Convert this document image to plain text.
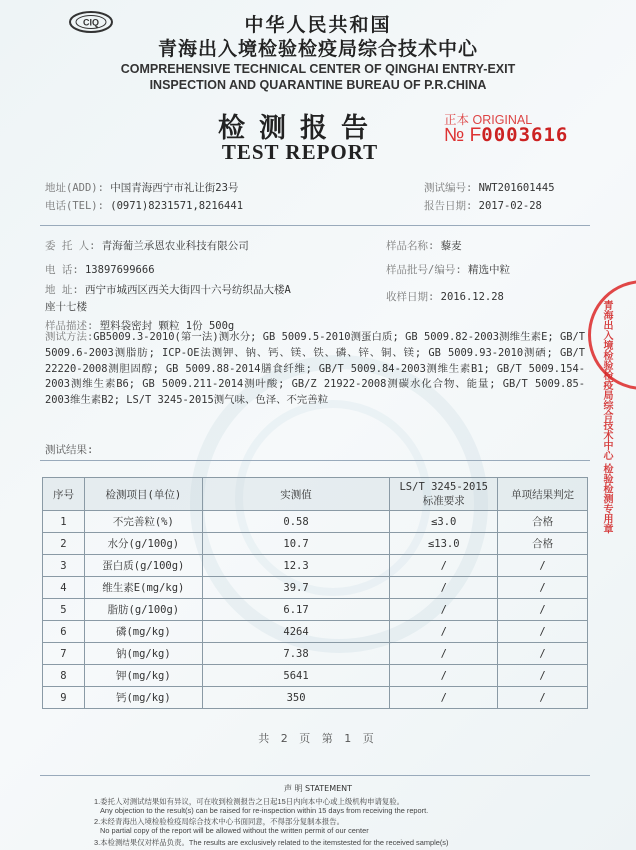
CIQ	中华人民共和国
青海出入境检验检疫局综合技术中心
COMPREHENSIVE TECHNICAL CENTER OF QINGHAI ENTRY-EXIT
INSPECTION AND QUARANTINE BUREAU OF P.R.CHINA
检测报告
TEST REPORT
正本 ORIGINAL
№ F0003616
地址(ADD): 中国青海西宁市礼让街23号
电话(TEL): (0971)8231571,8216441
测试编号: NWT201601445
报告日期: 2017-02-28
委 托 人: 青海葡兰承恩农业科技有限公司
电 话: 13897699666
地 址: 西宁市城西区西关大街四十六号纺织品大楼A
座十七楼
样品名称: 藜麦
样品批号/编号: 精选中粒
收样日期: 2016.12.28
样品描述: 塑料袋密封 颗粒 1份 500g
测试方法:GB5009.3-2010(第一法)测水分; GB 5009.5-2010测蛋白质; GB 5009.82-2003测维生素E; GB/T 5009.6-2003测脂肪; ICP-OE法测钾、钠、钙、镁、铁、磷、锌、铜、镁; GB 5009.93-2010测硒; GB/T 22220-2008测胆固醇; GB 5009.88-2014膳食纤维; GB/T 5009.84-2003测维生素B1; GB/T 5009.154-2003测维生素B6; GB 5009.211-2014测叶酸; GB/Z 21922-2008测碳水化合物、能量; GB/T 5009.85-2003维生素B2; LS/T 3245-2015测气味、色泽、不完善粒
测试结果:
序号	检测项目(单位)	实测值	LS/T 3245-2015 标准要求	单项结果判定
1	不完善粒(%)	0.58	≤3.0	合格
2	水分(g/100g)	10.7	≤13.0	合格
3	蛋白质(g/100g)	12.3	/	/
4	维生素E(mg/kg)	39.7	/	/
5	脂肪(g/100g)	6.17	/	/
6	磷(mg/kg)	4264	/	/
7	钠(mg/kg)	7.38	/	/
8	钾(mg/kg)	5641	/	/
9	钙(mg/kg)	350	/	/
共 2 页 第 1 页
声 明 STATEMENT
1.委托人对测试结果如有异议，可在收到检测报告之日起15日内向本中心或上级机构申请复验。
Any objection to the result(s) can be raised for re-inspection within 15 days from receiving the report.
2.未经青海出入境检验检疫局综合技术中心书面同意，不得部分复制本报告。
No partial copy of the report will be allowed without the written permit of our center
3.本检测结果仅对样品负责。The results are exclusively related to the itemstested for the received sample(s)
青海出入境检验检疫局综合技术中心 检验检测专用章
